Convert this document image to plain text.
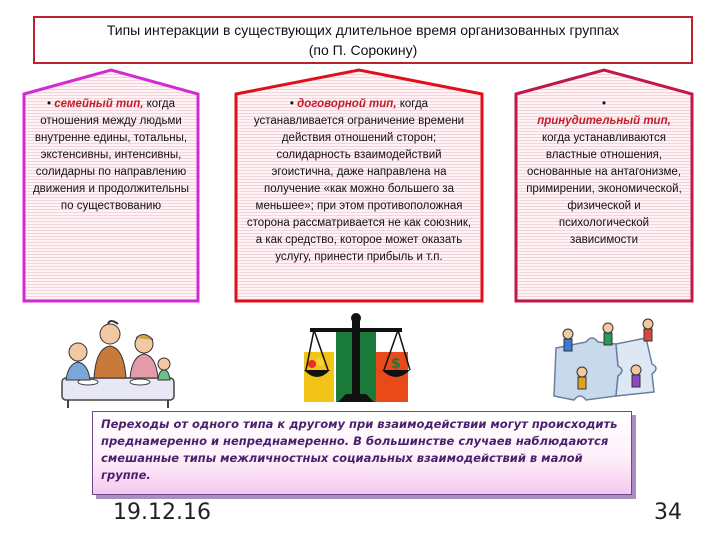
Типы интеракции в существующих длительное время организованных группах
(по П. Сорокину)
• семейный тип, когда отношения между людьми внутренне едины, тотальны, экстенсивны, интенсивны, солидарны по направлению движения и продолжительны по существованию
• договорной тип, когда устанавливается ограничение времени действия отношений сторон; солидарность взаимодействий эгоистична, даже направлена на получение «как можно большего за меньшее»; при этом противоположная сторона рассматривается не как союзник, а как средство, которое может оказать услугу, принести прибыль и т.п.
•
принудительный тип, когда устанавливаются властные отношения, основанные на антагонизме, примирении, экономической, физической и психологической зависимости
$
Переходы от одного типа к другому при взаимодействии могут происходить преднамеренно и непреднамеренно. В большинстве случаев наблюдаются смешанные типы межличностных социальных взаимодействий в малой группе.
19.12.16	34
